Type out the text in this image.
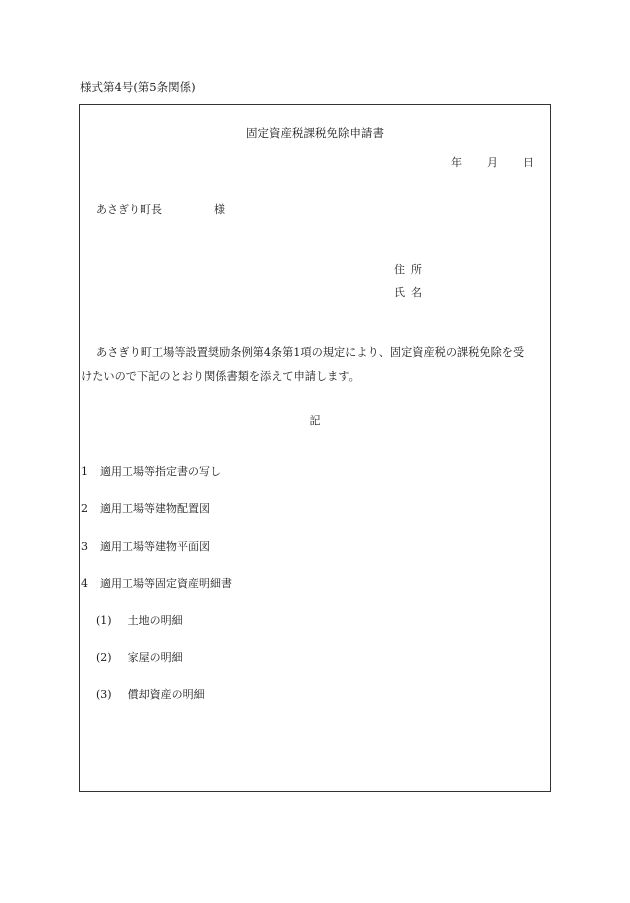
様式第4号(第5条関係)
固定資産税課税免除申請書
年 月 日
あさぎり町長	様
住所
氏名
あさぎり町工場等設置奨励条例第4条第1項の規定により、固定資産税の課税免除を受
けたいので下記のとおり関係書類を添えて申請します。
記
1 適用工場等指定書の写し
2 適用工場等建物配置図
3 適用工場等建物平面図
4 適用工場等固定資産明細書
(1) 土地の明細
(2) 家屋の明細
(3) 償却資産の明細
